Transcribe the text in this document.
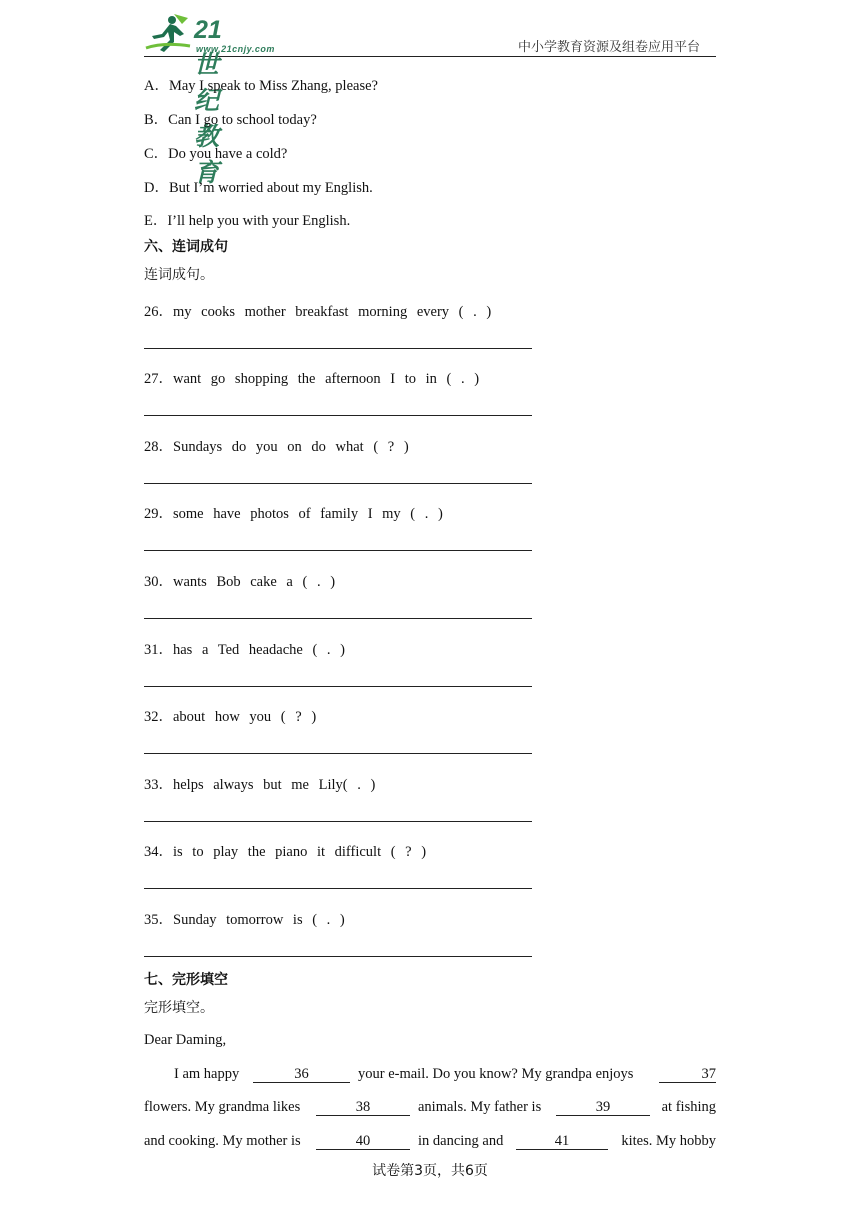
21世纪教育
www.21cnjy.com	中小学教育资源及组卷应用平台
A．May I speak to Miss Zhang, please?
B．Can I go to school today?
C．Do you have a cold?
D．But I’m worried about my English.
E．I’ll help you with your English.
六、连词成句
连词成句。
26．my cooks mother breakfast morning every ( . )
27．want go shopping the afternoon I to in ( . )
28．Sundays do you on do what ( ? )
29．some have photos of family I my ( . )
30．wants Bob cake a ( . )
31．has a Ted headache ( . )
32．about how you ( ? )
33．helps always but me Lily( . )
34．is to play the piano it difficult ( ? )
35．Sunday tomorrow is ( . )
七、完形填空
完形填空。
Dear Daming,
I am happy	36	your e-mail. Do you know? My grandpa enjoys	37
flowers. My grandma likes	38	animals. My father is	39	at fishing
and cooking. My mother is	40	in dancing and	41	kites. My hobby
试卷第3页，共6页
